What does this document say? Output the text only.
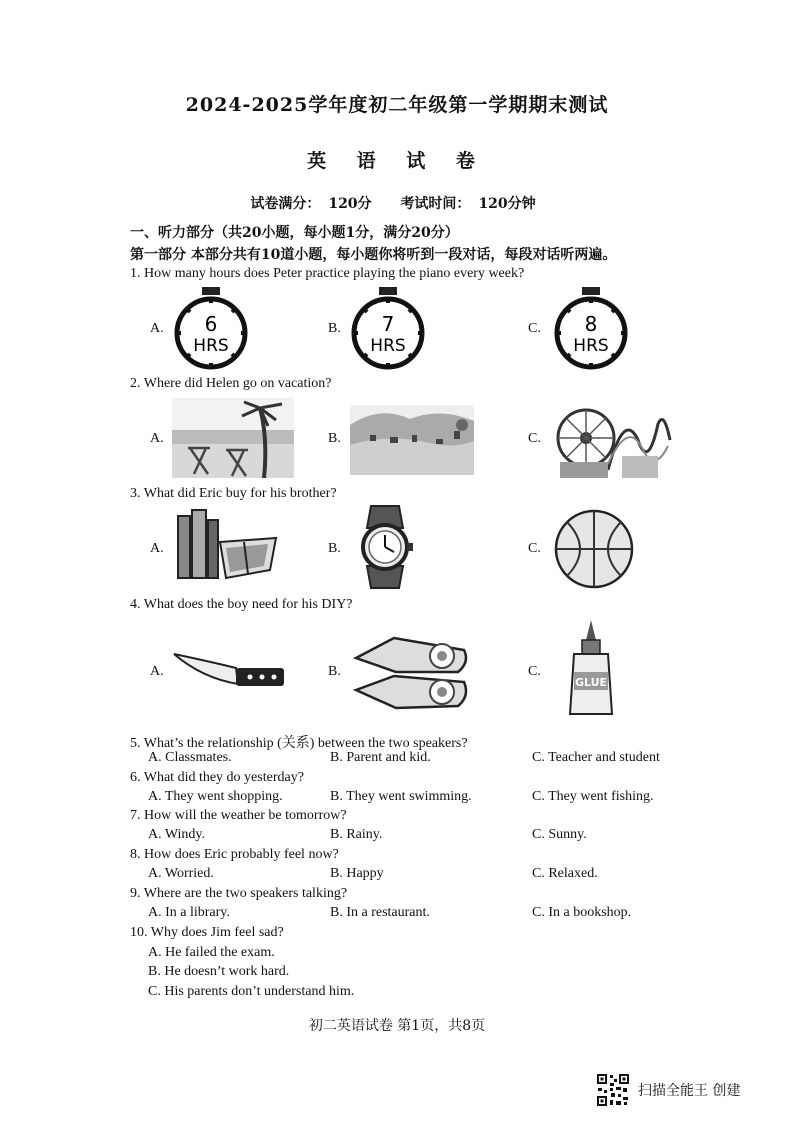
2024-2025学年度初二年级第一学期期末测试
英 语 试 卷
试卷满分： 120分 考试时间： 120分钟
一、听力部分（共20小题，每小题1分，满分20分）
第一部分 本部分共有10道小题，每小题你将听到一段对话，每段对话听两遍。
1. How many hours does Peter practice playing the piano every week?
A.	B.	C.
6
HRS
7
HRS
8
HRS
2. Where did Helen go on vacation?
A.	B.	C.
3. What did Eric buy for his brother?
A.	B.	C.
4. What does the boy need for his DIY?
A.	B.	C.
GLUE
5. What’s the relationship (关系) between the two speakers?
A. Classmates.	B. Parent and kid.	C. Teacher and student
6. What did they do yesterday?
A. They went shopping.	B. They went swimming.	C. They went fishing.
7. How will the weather be tomorrow?
A. Windy.	B. Rainy.	C. Sunny.
8. How does Eric probably feel now?
A. Worried.	B. Happy	C. Relaxed.
9. Where are the two speakers talking?
A. In a library.	B. In a restaurant.	C. In a bookshop.
10. Why does Jim feel sad?
A. He failed the exam.
B. He doesn’t work hard.
C. His parents don’t understand him.
初二英语试卷 第1页，共8页
扫描全能王 创建
